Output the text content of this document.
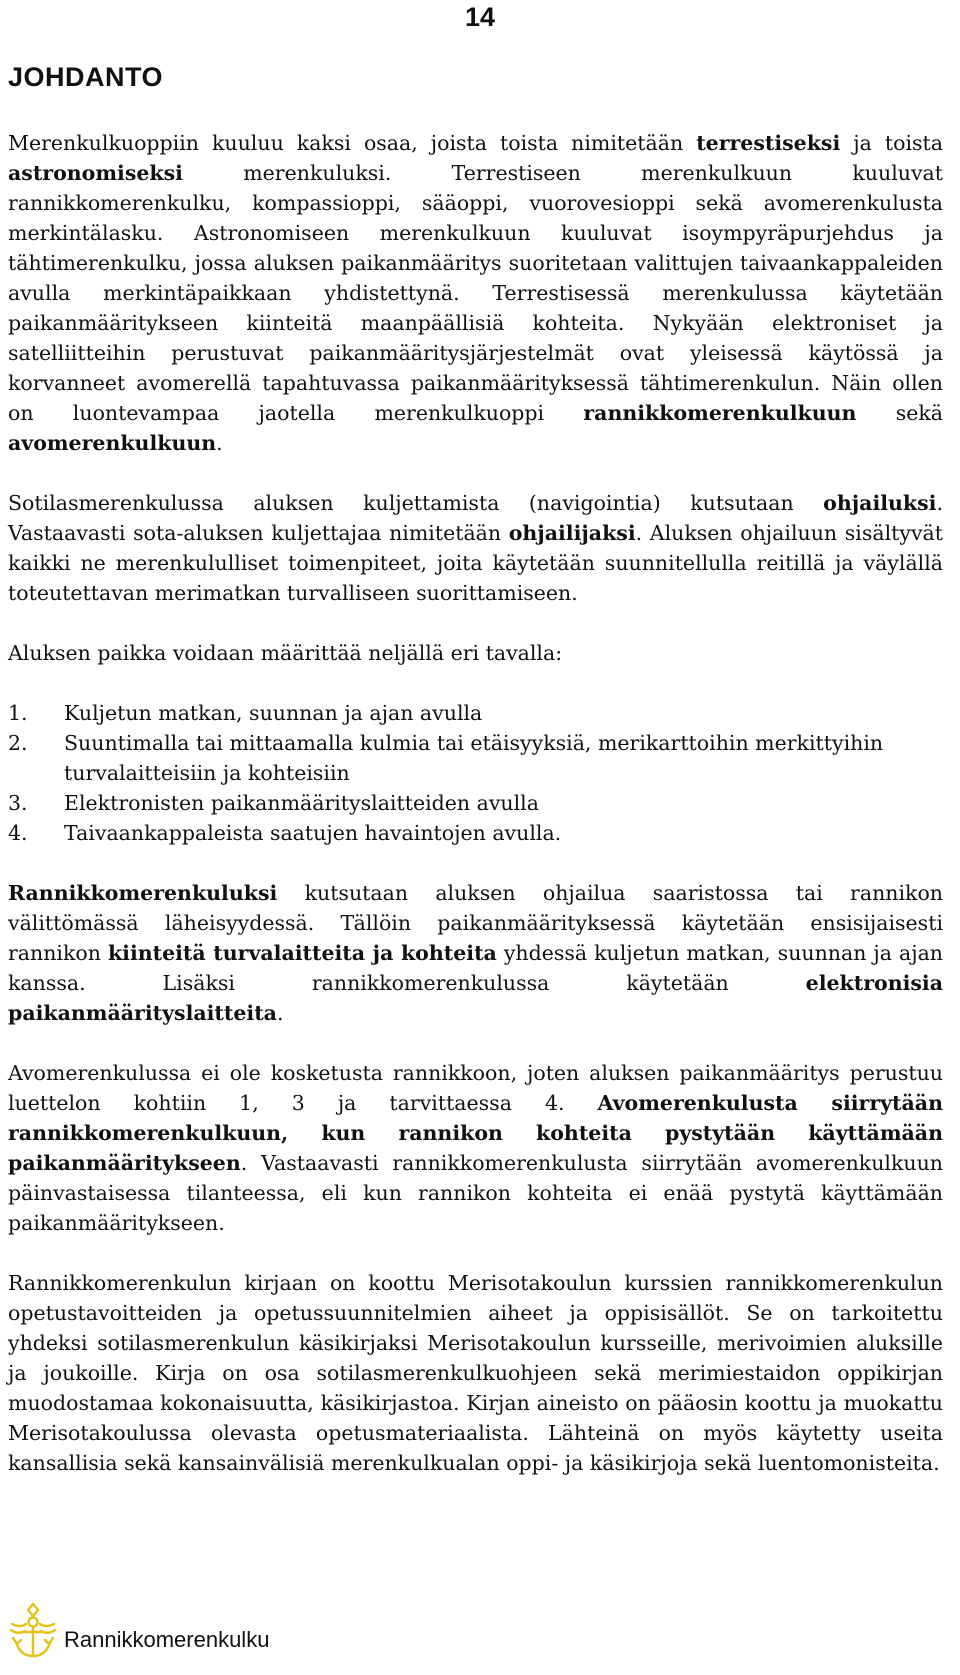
14
JOHDANTO

Merenkulkuoppiin kuuluu kaksi osaa, joista toista nimitetään terrestiseksi ja toista astronomiseksi merenkuluksi. Terrestiseen merenkulkuun kuuluvat rannikkomerenkulku, kompassioppi, sääoppi, vuorovesioppi sekä avomerenkulusta merkintälasku. Astronomiseen merenkulkuun kuuluvat isoympyräpurjehdus ja tähtimerenkulku, jossa aluksen paikanmääritys suoritetaan valittujen taivaankappaleiden avulla merkintäpaikkaan yhdistettynä. Terrestisessä merenkulussa käytetään paikanmääritykseen kiinteitä maanpäällisiä kohteita. Nykyään elektroniset ja satelliitteihin perustuvat paikanmääritysjärjestelmät ovat yleisessä käytössä ja korvanneet avomerellä tapahtuvassa paikanmäärityksessä tähtimerenkulun. Näin ollen on luontevampaa jaotella merenkulkuoppi rannikkomerenkulkuun sekä avomerenkulkuun.

Sotilasmerenkulussa aluksen kuljettamista (navigointia) kutsutaan ohjailuksi. Vastaavasti sota-aluksen kuljettajaa nimitetään ohjailijaksi. Aluksen ohjailuun sisältyvät kaikki ne merenkululliset toimenpiteet, joita käytetään suunnitellulla reitillä ja väylällä toteutettavan merimatkan turvalliseen suorittamiseen.

Aluksen paikka voidaan määrittää neljällä eri tavalla:

1.	Kuljetun matkan, suunnan ja ajan avulla
2.	Suuntimalla tai mittaamalla kulmia tai etäisyyksiä, merikarttoihin merkittyihin turvalaitteisiin ja kohteisiin
3.	Elektronisten paikanmäärityslaitteiden avulla
4.	Taivaankappaleista saatujen havaintojen avulla.

Rannikkomerenkuluksi kutsutaan aluksen ohjailua saaristossa tai rannikon välittömässä läheisyydessä. Tällöin paikanmäärityksessä käytetään ensisijaisesti rannikon kiinteitä turvalaitteita ja kohteita yhdessä kuljetun matkan, suunnan ja ajan kanssa. Lisäksi rannikkomerenkulussa käytetään elektronisia paikanmäärityslaitteita.

Avomerenkulussa ei ole kosketusta rannikkoon, joten aluksen paikanmääritys perustuu luettelon kohtiin 1, 3 ja tarvittaessa 4. Avomerenkulusta siirrytään rannikkomerenkulkuun, kun rannikon kohteita pystytään käyttämään paikanmääritykseen. Vastaavasti rannikkomerenkulusta siirrytään avomerenkulkuun päinvastaisessa tilanteessa, eli kun rannikon kohteita ei enää pystytä käyttämään paikanmääritykseen.

Rannikkomerenkulun kirjaan on koottu Merisotakoulun kurssien rannikkomerenkulun opetustavoitteiden ja opetussuunnitelmien aiheet ja oppisisällöt. Se on tarkoitettu yhdeksi sotilasmerenkulun käsikirjaksi Merisotakoulun kursseille, merivoimien aluksille ja joukoille. Kirja on osa sotilasmerenkulkuohjeen sekä merimiestaidon oppikirjan muodostamaa kokonaisuutta, käsikirjastoa. Kirjan aineisto on pääosin koottu ja muokattu Merisotakoulussa olevasta opetusmateriaalista. Lähteinä on myös käytetty useita kansallisia sekä kansainvälisiä merenkulkualan oppi- ja käsikirjoja sekä luentomonisteita.

Rannikkomerenkulku
